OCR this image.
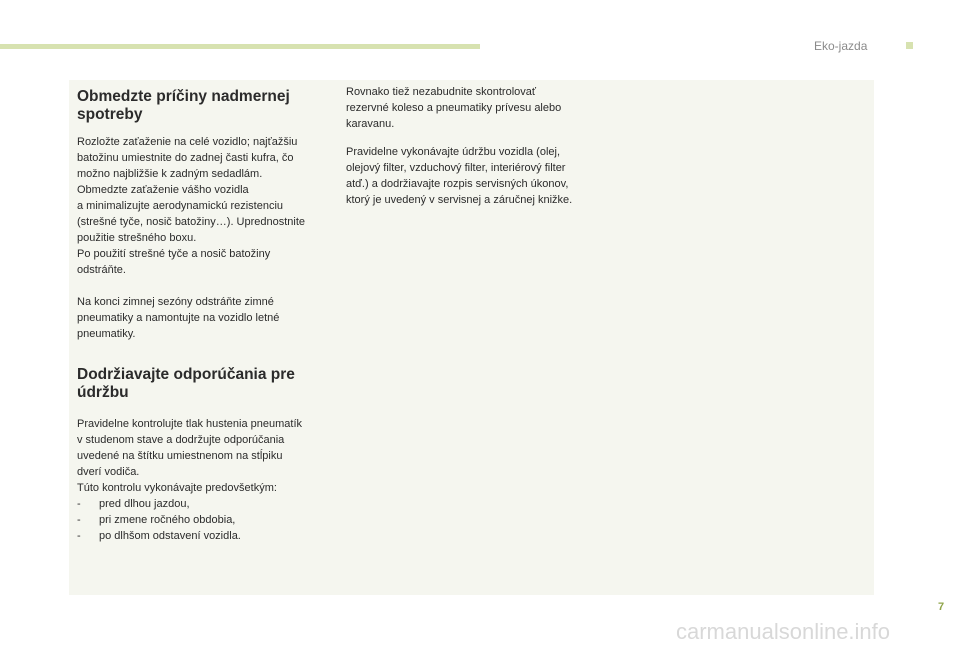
Eko-jazda
Obmedzte príčiny nadmernej spotreby

Rozložte zaťaženie na celé vozidlo; najťažšiu
batožinu umiestnite do zadnej časti kufra, čo
možno najbližšie k zadným sedadlám.
Obmedzte zaťaženie vášho vozidla
a minimalizujte aerodynamickú rezistenciu
(strešné tyče, nosič batožiny…). Uprednostnite
použitie strešného boxu.
Po použití strešné tyče a nosič batožiny
odstráňte.

Na konci zimnej sezóny odstráňte zimné
pneumatiky a namontujte na vozidlo letné
pneumatiky.

Dodržiavajte odporúčania pre údržbu

Pravidelne kontrolujte tlak hustenia pneumatík
v studenom stave a dodržujte odporúčania
uvedené na štítku umiestnenom na stĺpiku
dverí vodiča.
Túto kontrolu vykonávajte predovšetkým:

- pred dlhou jazdou,
- pri zmene ročného obdobia,
- po dlhšom odstavení vozidla.

Rovnako tiež nezabudnite skontrolovať
rezervné koleso a pneumatiky prívesu alebo
karavanu.

Pravidelne vykonávajte údržbu vozidla (olej,
olejový filter, vzduchový filter, interiérový filter
atď.) a dodržiavajte rozpis servisných úkonov,
ktorý je uvedený v servisnej a záručnej knižke.

7
carmanualsonline.info
